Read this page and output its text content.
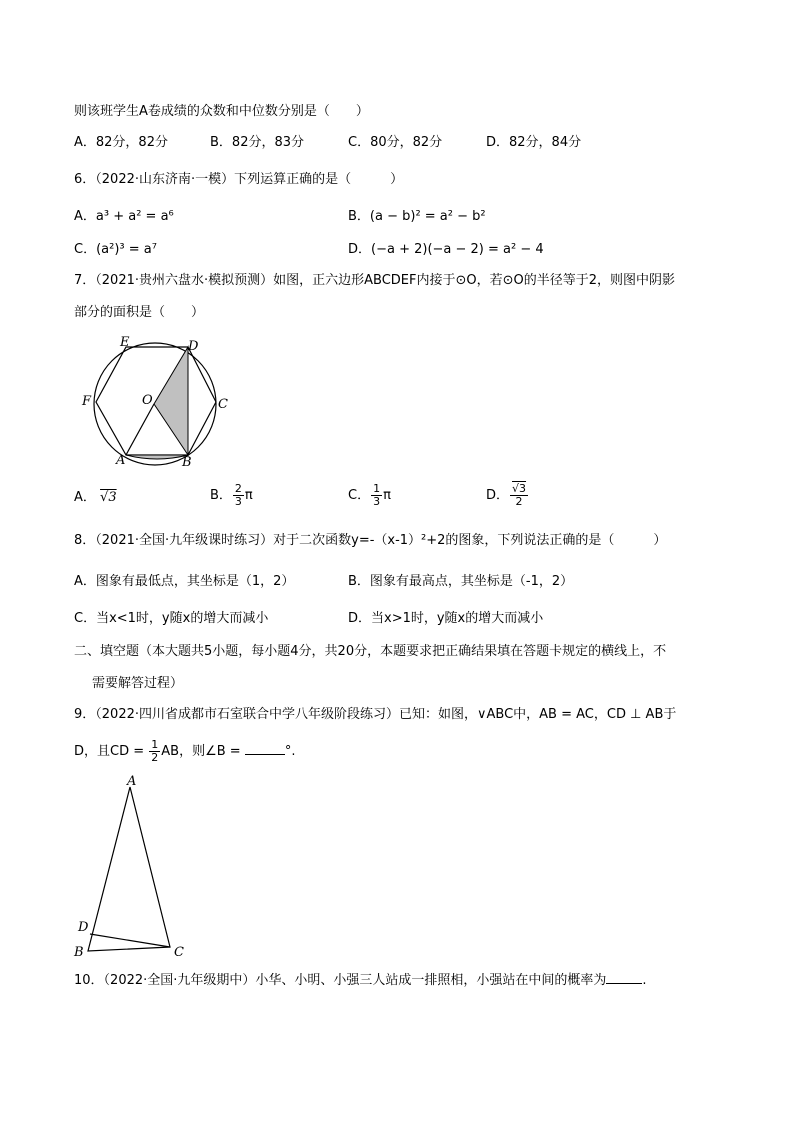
则该班学生A卷成绩的众数和中位数分别是（　　）
A．82分，82分	B．82分，83分	C．80分，82分	D．82分，84分
6．（2022·山东济南·一模）下列运算正确的是（　　　）
A．a³ + a² = a⁶	B．(a − b)² = a² − b²
C．(a²)³ = a⁷	D．(−a + 2)(−a − 2) = a² − 4
7．（2021·贵州六盘水·模拟预测）如图，正六边形ABCDEF内接于⊙O，若⊙O的半径等于2，则图中阴影
部分的面积是（　　）
E	D
F	O	C
A	B
A． √3	B． $\frac{2}{3}$ π	C． $\frac{1}{3}$ π	D． $\frac{√3}{2}$
8．（2021·全国·九年级课时练习）对于二次函数y=-（x-1）²+2的图象，下列说法正确的是（　　　）
A．图象有最低点，其坐标是（1，2）	B．图象有最高点，其坐标是（-1，2）
C．当x<1时，y随x的增大而减小	D．当x>1时，y随x的增大而减小
二、填空题（本大题共5小题，每小题4分，共20分，本题要求把正确结果填在答题卡规定的横线上，不
需要解答过程）
9．（2022·四川省成都市石室联合中学八年级阶段练习）已知：如图，∨ABC中，AB = AC，CD ⊥ AB于
D，且CD = $\frac{1}{2}$ AB，则∠B =	°.
A
D
B	C
10．（2022·全国·九年级期中）小华、小明、小强三人站成一排照相，小强站在中间的概率为	.
